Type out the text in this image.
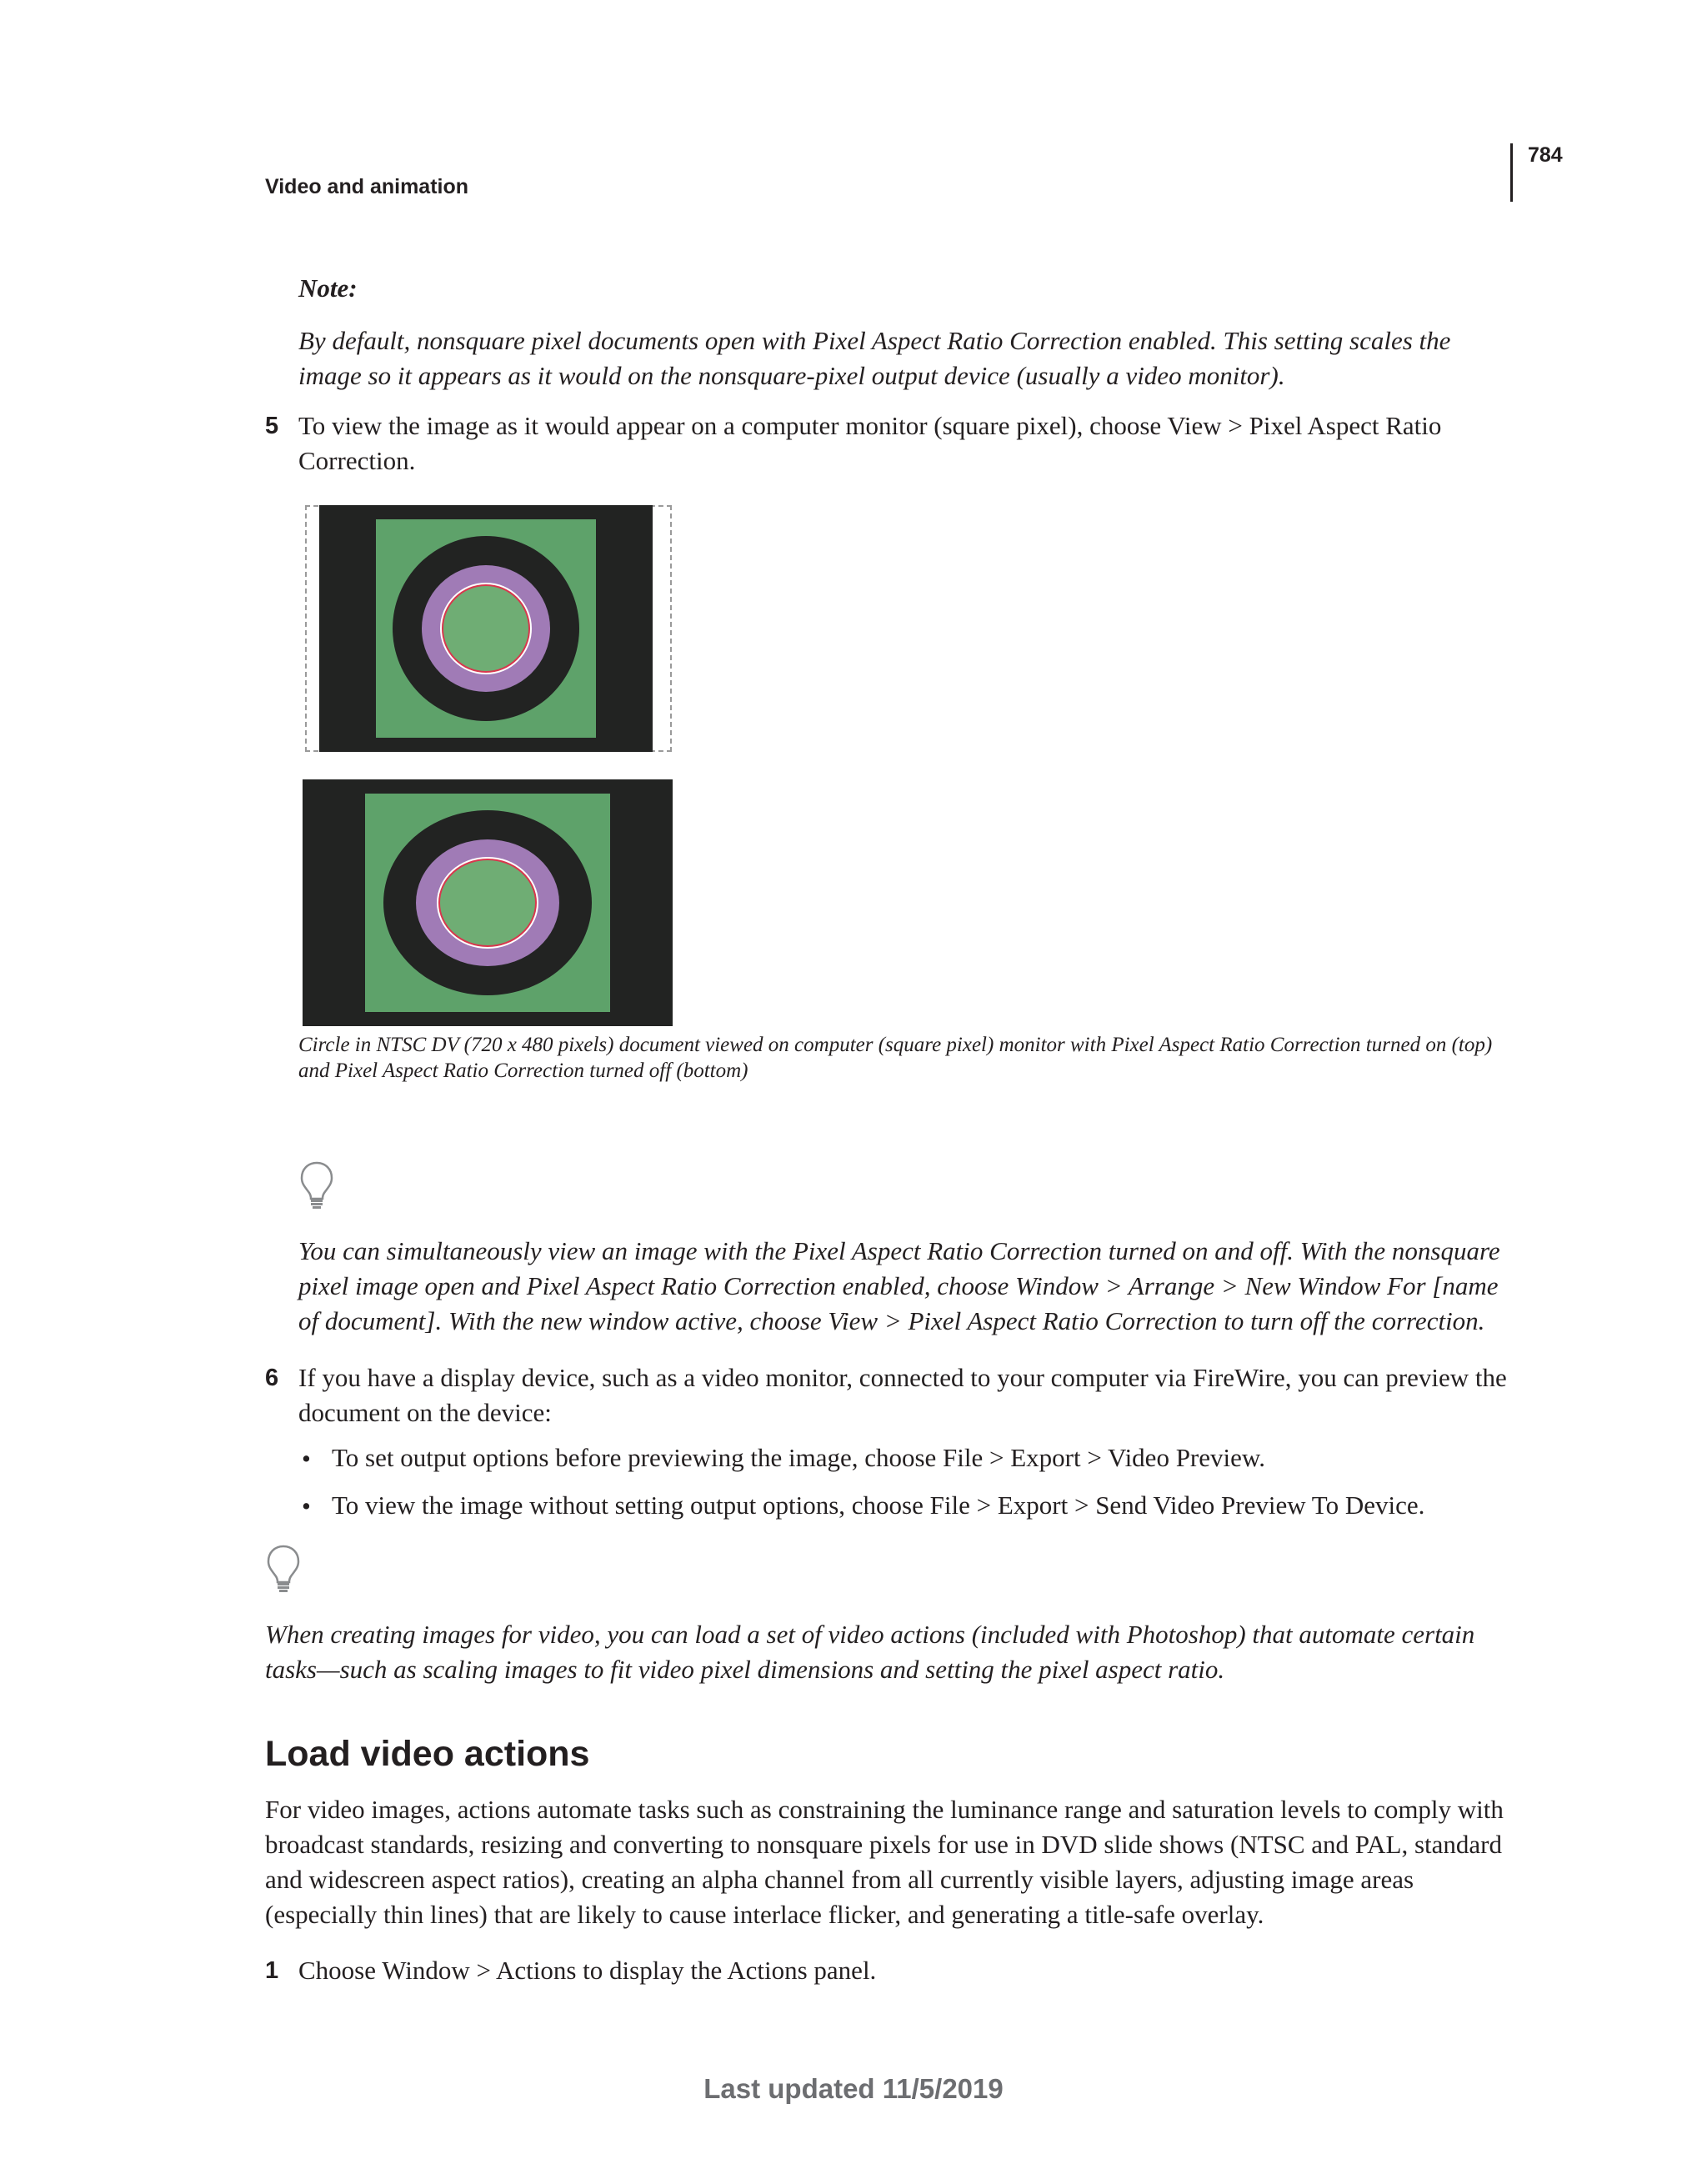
784
Video and animation
Note:
By default, nonsquare pixel documents open with Pixel Aspect Ratio Correction enabled. This setting scales the image so it appears as it would on the nonsquare-pixel output device (usually a video monitor).
5 To view the image as it would appear on a computer monitor (square pixel), choose View > Pixel Aspect Ratio Correction.
Circle in NTSC DV (720 x 480 pixels) document viewed on computer (square pixel) monitor with Pixel Aspect Ratio Correction turned on (top) and Pixel Aspect Ratio Correction turned off (bottom)
You can simultaneously view an image with the Pixel Aspect Ratio Correction turned on and off. With the nonsquare pixel image open and Pixel Aspect Ratio Correction enabled, choose Window > Arrange > New Window For [name of document]. With the new window active, choose View > Pixel Aspect Ratio Correction to turn off the correction.
6 If you have a display device, such as a video monitor, connected to your computer via FireWire, you can preview the document on the device:
• To set output options before previewing the image, choose File > Export > Video Preview.
• To view the image without setting output options, choose File > Export > Send Video Preview To Device.
When creating images for video, you can load a set of video actions (included with Photoshop) that automate certain tasks—such as scaling images to fit video pixel dimensions and setting the pixel aspect ratio.
Load video actions
For video images, actions automate tasks such as constraining the luminance range and saturation levels to comply with broadcast standards, resizing and converting to nonsquare pixels for use in DVD slide shows (NTSC and PAL, standard and widescreen aspect ratios), creating an alpha channel from all currently visible layers, adjusting image areas (especially thin lines) that are likely to cause interlace flicker, and generating a title-safe overlay.
1 Choose Window > Actions to display the Actions panel.
Last updated 11/5/2019
